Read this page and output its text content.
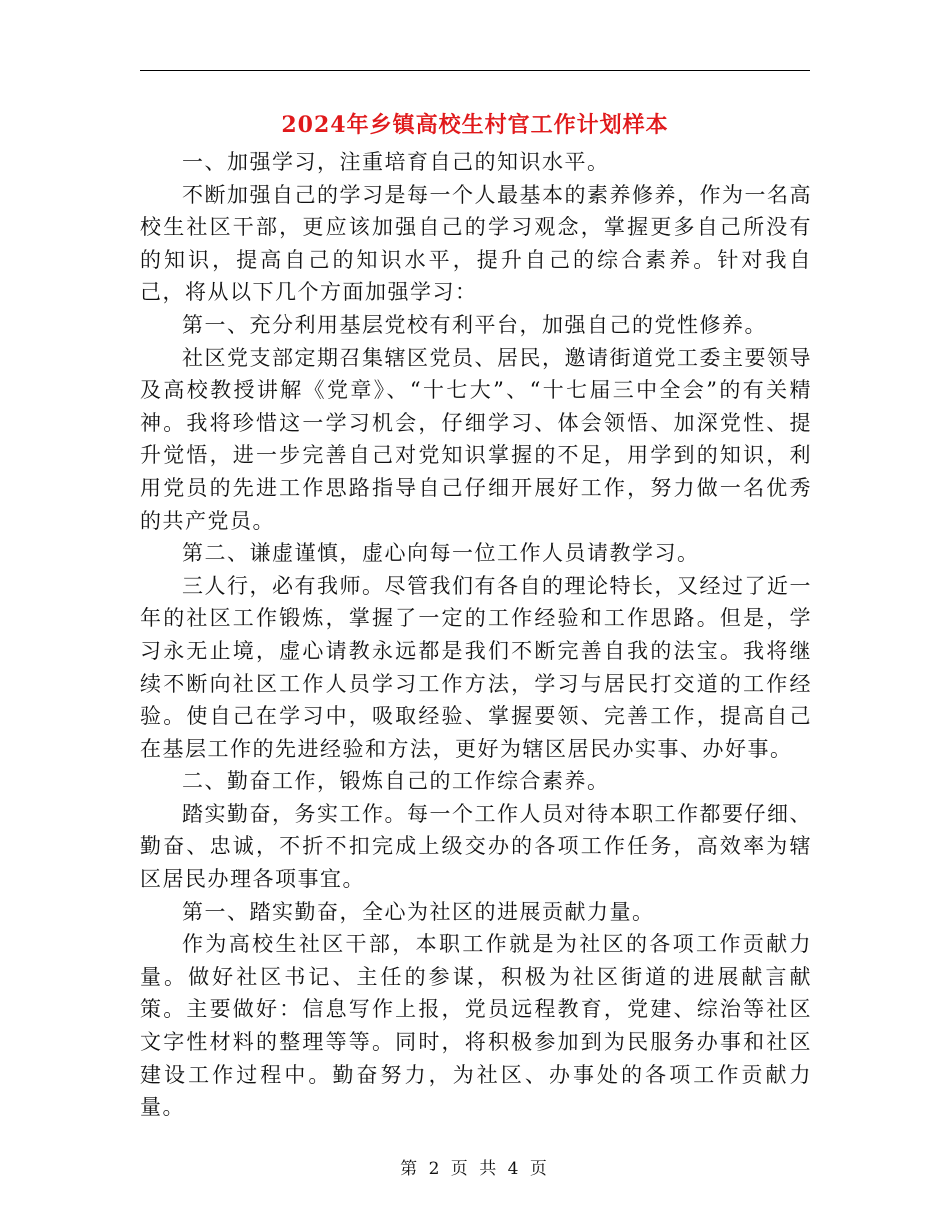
2024年乡镇高校生村官工作计划样本

一、加强学习，注重培育自己的知识水平。

不断加强自己的学习是每一个人最基本的素养修养，作为一名高校生社区干部，更应该加强自己的学习观念，掌握更多自己所没有的知识，提高自己的知识水平，提升自己的综合素养。针对我自己，将从以下几个方面加强学习：

第一、充分利用基层党校有利平台，加强自己的党性修养。

社区党支部定期召集辖区党员、居民，邀请街道党工委主要领导及高校教授讲解《党章》、“十七大”、“十七届三中全会”的有关精神。我将珍惜这一学习机会，仔细学习、体会领悟、加深党性、提升觉悟，进一步完善自己对党知识掌握的不足，用学到的知识，利用党员的先进工作思路指导自己仔细开展好工作，努力做一名优秀的共产党员。

第二、谦虚谨慎，虚心向每一位工作人员请教学习。

三人行，必有我师。尽管我们有各自的理论特长，又经过了近一年的社区工作锻炼，掌握了一定的工作经验和工作思路。但是，学习永无止境，虚心请教永远都是我们不断完善自我的法宝。我将继续不断向社区工作人员学习工作方法，学习与居民打交道的工作经验。使自己在学习中，吸取经验、掌握要领、完善工作，提高自己在基层工作的先进经验和方法，更好为辖区居民办实事、办好事。

二、勤奋工作，锻炼自己的工作综合素养。

踏实勤奋，务实工作。每一个工作人员对待本职工作都要仔细、勤奋、忠诚，不折不扣完成上级交办的各项工作任务，高效率为辖区居民办理各项事宜。

第一、踏实勤奋，全心为社区的进展贡献力量。

作为高校生社区干部，本职工作就是为社区的各项工作贡献力量。做好社区书记、主任的参谋，积极为社区街道的进展献言献策。主要做好：信息写作上报，党员远程教育，党建、综治等社区文字性材料的整理等等。同时，将积极参加到为民服务办事和社区建设工作过程中。勤奋努力，为社区、办事处的各项工作贡献力量。

第 2 页 共 4 页
